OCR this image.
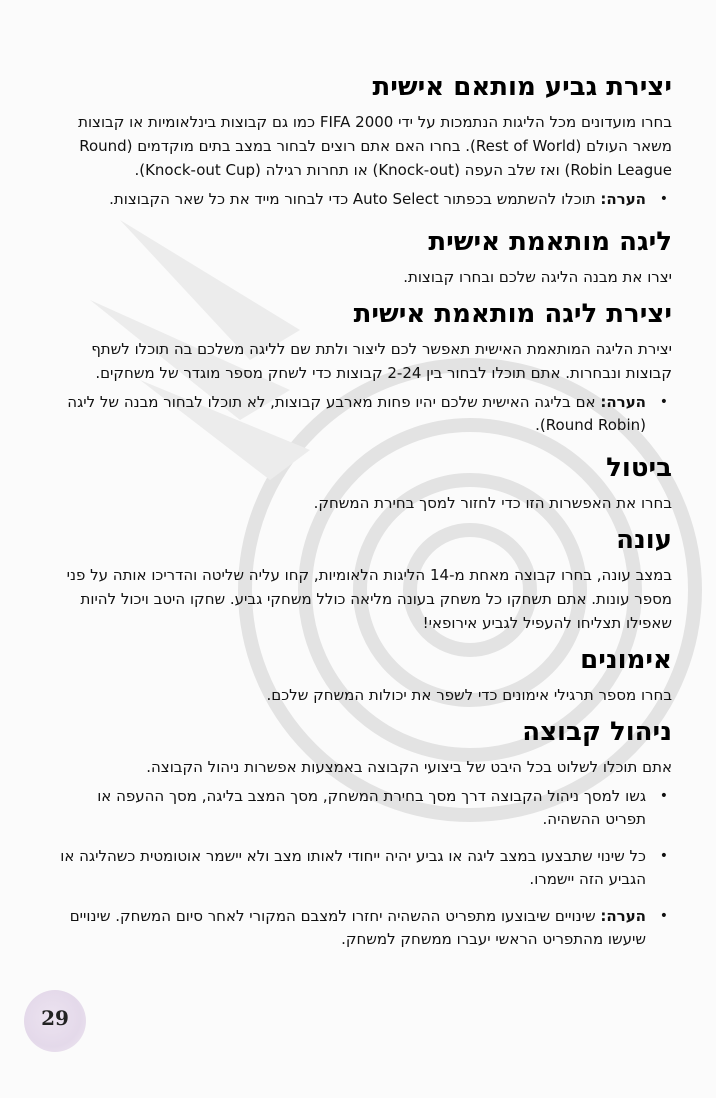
יצירת גביע מותאם אישית

בחרו מועדונים מכל הליגות הנתמכות על ידי FIFA 2000 כמו גם קבוצות בינלאומיות או קבוצות משאר העולם (Rest of World). בחרו האם אתם רוצים לבחור במצב בתים מוקדמים (Round Robin League) ואז שלב העפה (Knock-out) או תחרות רגילה (Knock-out Cup).

• הערה: תוכלו להשתמש בכפתור Auto Select כדי לבחור מייד את כל שאר הקבוצות.
ליגה מותאמת אישית

יצרו את מבנה הליגה שלכם ובחרו קבוצות.

יצירת ליגה מותאמת אישית

יצירת הליגה המותאמת האישית תאפשר לכם ליצור ולתת שם לליגה משלכם בה תוכלו לשתף קבוצות ונבחרות. אתם תוכלו לבחור בין 2-24 קבוצות כדי לשחק מספר מוגדר של משחקים.

• הערה: אם בליגה האישית שלכם יהיו פחות מארבע קבוצות, לא תוכלו לבחור מבנה של ליגה (Round Robin).
ביטול

בחרו את האפשרות הזו כדי לחזור למסך בחירת המשחק.

עונה

במצב עונה, בחרו קבוצה מאחת מ-14 הליגות הלאומיות, קחו עליה שליטה והדריכו אותה על פני מספר עונות. אתם תשחקו כל משחק בעונה מליאה כולל משחקי גביע. שחקו היטב ויכול להיות שאפילו תצליחו להעפיל לגביע אירופאי!

אימונים

בחרו מספר תרגילי אימונים כדי לשפר את יכולות המשחק שלכם.

ניהול קבוצה

אתם תוכלו לשלוט בכל היבט של ביצועי הקבוצה באמצעות אפשרות ניהול הקבוצה.

• גשו למסך ניהול הקבוצה דרך מסך בחירת המשחק, מסך המצב בליגה, מסך ההעפה או תפריט ההשהיה.
• כל שינוי שתבצעו במצב ליגה או גביע יהיה ייחודי לאותו מצב ולא יישמר אוטומטית כשהליגה או הגביע הזה יישמרו.
• הערה: שינויים שיבוצעו מתפריט ההשהיה יחזרו למצבם המקורי לאחר סיום המשחק. שינויים שיעשו מהתפריט הראשי יעברו ממשחק למשחק.
29
